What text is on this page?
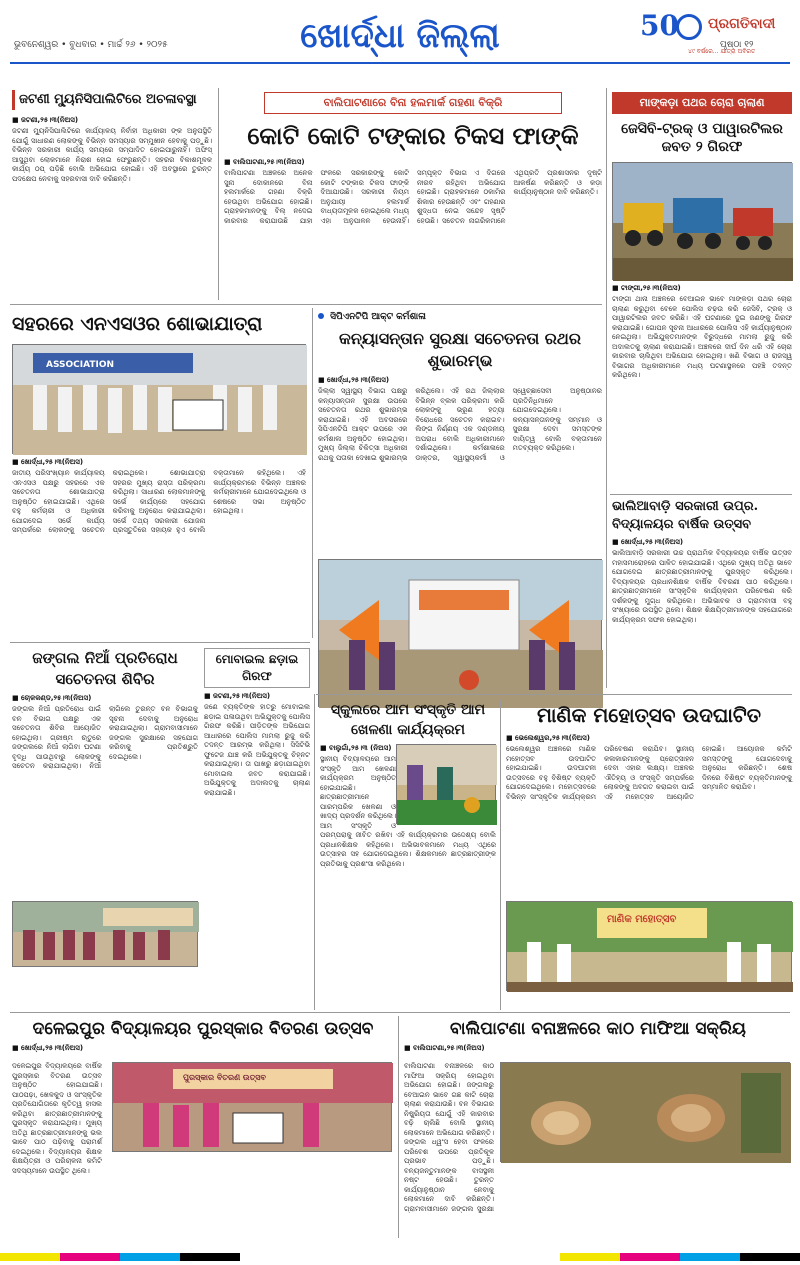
ଭୁବନେଶ୍ୱର • ବୁଧବାର • ମାର୍ଚ୍ଚ ୨୬ • ୨୦୨୫	ଖୋର୍ଦ୍ଧା ଜିଲ୍ଲା	50 ପ୍ରଗତିବାଦୀ
୪୯ ବର୍ଷରେ... ଯାତ୍ରା ଅବିରତ
ପୃଷ୍ଠା ୧୨
ଜଟଣୀ ମ୍ୟୁନିସିପାଲିଟିରେ ଅଚଳାବସ୍ଥା
■ ଜଟଣୀ,୨୫।୩(ନିଅସ)
ଜଟଣୀ ମ୍ୟୁନିସିପାଲିଟିରେ କାର୍ଯ୍ୟାଳୟ ନିର୍ବାହୀ ଅଧିକାରୀ ଙ୍କ ଅନୁପସ୍ଥିତି ଯୋଗୁଁ ସାଧାରଣ ଲୋକଙ୍କୁ ବିଭିନ୍ନ ସମସ୍ୟାର ସମ୍ମୁଖୀନ ହେବାକୁ ପଡ଼ୁଛି। ବିଭିନ୍ନ ସରକାରୀ କାର୍ଯ୍ୟ ସମୟରେ ସମ୍ପାଦିତ ହୋଇପାରୁନାହିଁ। ଅଫିସ୍ ଆସୁଥିବା ଲୋକମାନେ ନିରାଶ ହୋଇ ଫେରୁଛନ୍ତି। ସହରର ବିକାଶମୂଳକ କାର୍ଯ୍ୟ ଠପ୍ ପଡ଼ିଛି ବୋଲି ଅଭିଯୋଗ ହୋଇଛି। ଏହି ଅବସ୍ଥାରେ ତୁରନ୍ତ ପଦକ୍ଷେପ ନେବାକୁ ସହରବାସୀ ଦାବି କରିଛନ୍ତି।
ବାଲିପାଟଣାରେ ବିନା ହଲମାର୍କ ଗହଣା ବିକ୍ରି
କୋଟି କୋଟି ଟଙ୍କାର ଟିକସ ଫାଙ୍କି
■ ବାଲିପାଟଣା,୨୫।୩(ନିଅସ)
ବାଲିପାଟଣା ଅଞ୍ଚଳରେ ଅନେକ ସୁନା ଦୋକାନରେ ବିନା ହଲମାର୍କରେ ଗହଣା ବିକ୍ରି ହେଉଥିବା ଅଭିଯୋଗ ହୋଇଛି। ଗ୍ରାହକମାନଙ୍କୁ ବିଲ୍ ନଦେଇ କାରବାର କରାଯାଉଛି ଯାହା ଫଳରେ ସରକାରଙ୍କୁ କୋଟି କୋଟି ଟଙ୍କାର ଟିକସ ଫାଙ୍କି ଦିଆଯାଉଛି। ସରକାରୀ ନିୟମ ଅନୁଯାୟୀ ହଲମାର୍କ ବାଧ୍ୟତାମୂଳକ ହୋଇଥିଲେ ମଧ୍ୟ ଏହା ଅନୁପାଳନ ହେଉନାହିଁ। ସମ୍ପୃକ୍ତ ବିଭାଗ ଏ ଦିଗରେ ନୀରବ ରହିଥିବା ଅଭିଯୋଗ ହୋଇଛି। ଗ୍ରାହକମାନେ ଠକାମିର ଶିକାର ହେଉଛନ୍ତି ଏବଂ ଗହଣାର ଶୁଦ୍ଧତା ନେଇ ସନ୍ଦେହ ସୃଷ୍ଟି ହେଉଛି। ସଚେତନ ନାଗରିକମାନେ ଏଥିପ୍ରତି ପ୍ରଶାସନର ଦୃଷ୍ଟି ଆକର୍ଷଣ କରିଛନ୍ତି ଓ କଡ଼ା କାର୍ଯ୍ୟାନୁଷ୍ଠାନ ଦାବି କରିଛନ୍ତି।
ମାଙ୍କଡ଼ା ପଥର ଚୋରା ଚାଲାଣ
ଜେସିବି-ଟ୍ରକ୍ ଓ ପାୱାରଟିଲର ଜବତ ୨ ଗିରଫ
■ ଟାଙ୍ଗୀ,୨୫।୩(ନିଅସ)
ଟାଙ୍ଗୀ ଥାନା ଅଞ୍ଚଳରେ ବେଆଇନ ଭାବେ ମାଙ୍କଡ଼ା ପଥର ଚୋରା ଚାଲାଣ କରୁଥିବା ବେଳେ ପୋଲିସ ଚଢ଼ଉ କରି ଜେସିବି, ଟ୍ରକ୍ ଓ ପାୱାରଟିଲର ଜବତ କରିଛି। ଏହି ଘଟଣାରେ ଦୁଇ ଜଣଙ୍କୁ ଗିରଫ କରାଯାଇଛି। ଗୋପନ ସୂଚନା ଆଧାରରେ ପୋଲିସ ଏହି କାର୍ଯ୍ୟାନୁଷ୍ଠାନ ନେଇଥିଲା। ଅଭିଯୁକ୍ତମାନଙ୍କ ବିରୁଦ୍ଧରେ ମାମଲା ରୁଜୁ କରି ଅଦାଲତକୁ ଚାଲାଣ କରାଯାଇଛି। ଅଞ୍ଚଳରେ ଦୀର୍ଘ ଦିନ ଧରି ଏହି ଚୋରା କାରବାର ଚାଲିଥିବା ଅଭିଯୋଗ ହୋଇଥିଲା। ଖଣି ବିଭାଗ ଓ ରାଜସ୍ୱ ବିଭାଗର ଅଧିକାରୀମାନେ ମଧ୍ୟ ଘଟଣାସ୍ଥଳରେ ପହଞ୍ଚି ତଦନ୍ତ କରିଥିଲେ।
ସହରରେ ଏନଏସଓର ଶୋଭାଯାତ୍ରା
ASSOCIATION
■ ଖୋର୍ଦ୍ଧା,୨୫।୩(ନିଅସ)
ଜାତୀୟ ପରିସଂଖ୍ୟାନ କାର୍ଯ୍ୟାଳୟ ଏନଏସଓ ପକ୍ଷରୁ ସହରରେ ଏକ ସଚେତନତା ଶୋଭାଯାତ୍ରା ଅନୁଷ୍ଠିତ ହୋଇଯାଇଛି। ଏଥିରେ ବହୁ କର୍ମଚାରୀ ଓ ଅଧିକାରୀ ଯୋଗଦେଇ ସର୍ଭେ କାର୍ଯ୍ୟ ସମ୍ପର୍କରେ ଲୋକଙ୍କୁ ସଚେତନ କରାଇଥିଲେ। ଶୋଭାଯାତ୍ରା ସହରର ମୁଖ୍ୟ ରାସ୍ତା ପରିକ୍ରମା କରିଥିଲା। ସାଧାରଣ ଲୋକମାନଙ୍କୁ ସର୍ଭେ କାର୍ଯ୍ୟରେ ସହଯୋଗ କରିବାକୁ ଅନୁରୋଧ କରାଯାଇଥିଲା। ସର୍ଭେ ତଥ୍ୟ ସରକାରୀ ଯୋଜନା ପ୍ରସ୍ତୁତିରେ ସହାୟକ ହୁଏ ବୋଲି ବକ୍ତାମାନେ କହିଥିଲେ। ଏହି କାର୍ଯ୍ୟକ୍ରମରେ ବିଭିନ୍ନ ଅଞ୍ଚଳର କର୍ମଚାରୀମାନେ ଯୋଗଦେଇଥିଲେ ଓ ଶେଷରେ ସଭା ଅନୁଷ୍ଠିତ ହୋଇଥିଲା।
ସିପିଏନଟିପି ଆକ୍ଟ କର୍ମଶାଳା
କନ୍ୟାସନ୍ତାନ ସୁରକ୍ଷା ସଚେତନତା ରଥର ଶୁଭାରମ୍ଭ
■ ଖୋର୍ଦ୍ଧା,୨୫।୩(ନିଅସ)
ଜିଲ୍ଲା ସ୍ୱାସ୍ଥ୍ୟ ବିଭାଗ ପକ୍ଷରୁ କନ୍ୟାସନ୍ତାନ ସୁରକ୍ଷା ଉପରେ ସଚେତନତା ରଥର ଶୁଭାରମ୍ଭ କରାଯାଇଛି। ଏହି ଅବସରରେ ସିପିଏନଟିପି ଆକ୍ଟ ଉପରେ ଏକ କର୍ମଶାଳା ଅନୁଷ୍ଠିତ ହୋଇଥିଲା। ମୁଖ୍ୟ ଜିଲ୍ଲା ଚିକିତ୍ସା ଅଧିକାରୀ ରଥକୁ ପତାକା ଦେଖାଇ ଶୁଭାରମ୍ଭ କରିଥିଲେ। ଏହି ରଥ ଜିଲ୍ଲାର ବିଭିନ୍ନ ବ୍ଲକ ପରିକ୍ରମା କରି ଲୋକଙ୍କୁ ଭ୍ରୂଣ ହତ୍ୟା ବିରୋଧରେ ସଚେତନ କରାଇବ। ଲିଙ୍ଗ ନିର୍ଣ୍ଣୟ ଏକ ଦଣ୍ଡନୀୟ ଅପରାଧ ବୋଲି ଅଧିକାରୀମାନେ ଦର୍ଶାଇଥିଲେ। କର୍ମଶାଳାରେ ଡାକ୍ତର, ସ୍ୱାସ୍ଥ୍ୟକର୍ମୀ ଓ ସ୍ୱେଚ୍ଛାସେବୀ ଅନୁଷ୍ଠାନର ପ୍ରତିନିଧିମାନେ ଯୋଗଦେଇଥିଲେ। କନ୍ୟାସନ୍ତାନଙ୍କୁ ସମ୍ମାନ ଓ ସୁରକ୍ଷା ଦେବା ସମସ୍ତଙ୍କ ଦାୟିତ୍ୱ ବୋଲି ବକ୍ତାମାନେ ମତବ୍ୟକ୍ତ କରିଥିଲେ।
ଭାଲିଆବାଡ଼ି ସରକାରୀ ଉପ୍ର. ବିଦ୍ୟାଳୟର ବାର୍ଷିକ ଉତ୍ସବ
■ ଖୋର୍ଦ୍ଧା,୨୫।୩(ନିଅସ)
ଭାଲିଆବାଡ଼ି ସରକାରୀ ଉଚ୍ଚ ପ୍ରାଥମିକ ବିଦ୍ୟାଳୟର ବାର୍ଷିକ ଉତ୍ସବ ମହାସମାରୋହରେ ପାଳିତ ହୋଇଯାଇଛି। ଏଥିରେ ମୁଖ୍ୟ ଅତିଥି ଭାବେ ଯୋଗଦେଇ ଛାତ୍ରଛାତ୍ରୀମାନଙ୍କୁ ପୁରସ୍କୃତ କରିଥିଲେ। ବିଦ୍ୟାଳୟର ପ୍ରଧାନଶିକ୍ଷକ ବାର୍ଷିକ ବିବରଣୀ ପାଠ କରିଥିଲେ। ଛାତ୍ରଛାତ୍ରୀମାନେ ସାଂସ୍କୃତିକ କାର୍ଯ୍ୟକ୍ରମ ପରିବେଷଣ କରି ଦର୍ଶକଙ୍କୁ ମୁଗ୍ଧ କରିଥିଲେ। ଅଭିଭାବକ ଓ ଗ୍ରାମବାସୀ ବହୁ ସଂଖ୍ୟାରେ ଉପସ୍ଥିତ ଥିଲେ। ଶିକ୍ଷକ ଶିକ୍ଷୟିତ୍ରୀମାନଙ୍କ ସହଯୋଗରେ କାର୍ଯ୍ୟକ୍ରମ ସଫଳ ହୋଇଥିଲା।
ଜଙ୍ଗଲ ନିଆଁ ପ୍ରତିରୋଧ ସଚେତନତା ଶିବିର
■ ଚୋଳକଣ୍ଡ,୨୫।୩(ନିଅସ)
ଜଙ୍ଗଲ ନିଆଁ ପ୍ରତିରୋଧ ପାଇଁ ବନ ବିଭାଗ ପକ୍ଷରୁ ଏକ ସଚେତନତା ଶିବିର ଆୟୋଜିତ ହୋଇଥିଲା। ଗ୍ରୀଷ୍ମ ଋତୁରେ ଜଙ୍ଗଲରେ ନିଆଁ ଲାଗିବା ଘଟଣା ବୃଦ୍ଧି ପାଉଥିବାରୁ ଲୋକଙ୍କୁ ସଚେତନ କରାଯାଇଥିଲା। ନିଆଁ ଲାଗିଲେ ତୁରନ୍ତ ବନ ବିଭାଗକୁ ସୂଚନା ଦେବାକୁ ଅନୁରୋଧ କରାଯାଇଥିଲା। ଗ୍ରାମବାସୀମାନେ ଜଙ୍ଗଲ ସୁରକ୍ଷାରେ ସହଯୋଗ କରିବାକୁ ପ୍ରତିଶ୍ରୁତି ଦେଇଥିଲେ।
ମୋବାଇଲ ଛଡ଼ାଇ ଗିରଫ
■ ଜଟଣୀ,୨୫।୩(ନିଅସ)
ଜଣେ ବ୍ୟକ୍ତିଙ୍କ ହାତରୁ ମୋବାଇଲ ଛଡ଼ାଇ ପଳାଉଥିବା ଅଭିଯୁକ୍ତକୁ ପୋଲିସ ଗିରଫ କରିଛି। ପୀଡ଼ିତଙ୍କ ଅଭିଯୋଗ ଆଧାରରେ ପୋଲିସ ମାମଲା ରୁଜୁ କରି ତଦନ୍ତ ଆରମ୍ଭ କରିଥିଲା। ସିସିଟିଭି ଫୁଟେଜ ଯାଞ୍ଚ କରି ଅଭିଯୁକ୍ତକୁ ଚିହ୍ନଟ କରାଯାଇଥିଲା। ତା ପାଖରୁ ଛଡ଼ାଯାଇଥିବା ମୋବାଇଲ ଜବତ କରାଯାଇଛି। ଅଭିଯୁକ୍ତକୁ ଅଦାଲତକୁ ଚାଲାଣ କରାଯାଇଛି।
ସ୍କୁଲରେ ଆମ ସଂସ୍କୃତି ଆମ ଖେଳଣା କାର୍ଯ୍ୟକ୍ରମ
■ ବାଲୁଗାଁ,୨୫।୩ (ନିଅସ)
ସ୍ଥାନୀୟ ବିଦ୍ୟାଳୟରେ ଆମ ସଂସ୍କୃତି ଆମ ଖେଳଣା କାର୍ଯ୍ୟକ୍ରମ ଅନୁଷ୍ଠିତ ହୋଇଯାଇଛି। ଛାତ୍ରଛାତ୍ରୀମାନେ ପାରମ୍ପରିକ ଖେଳଣା ଓ ଖାଦ୍ୟ ପ୍ରଦର୍ଶନ କରିଥିଲେ। ଆମ ସଂସ୍କୃତି ଓ ପରମ୍ପରାକୁ ଜୀବିତ ରଖିବା ଏହି କାର୍ଯ୍ୟକ୍ରମର ଉଦ୍ଦେଶ୍ୟ ବୋଲି ପ୍ରଧାନଶିକ୍ଷକ କହିଥିଲେ। ଅଭିଭାବକମାନେ ମଧ୍ୟ ଏଥିରେ ଉତ୍ସାହର ସହ ଯୋଗଦେଇଥିଲେ। ଶିକ୍ଷକମାନେ ଛାତ୍ରଛାତ୍ରୀଙ୍କ ପ୍ରତିଭାକୁ ପ୍ରଶଂସା କରିଥିଲେ।
ମାଣିକ ମହୋତ୍ସବ ଉଦଘାଟିତ
■ ଭେଲେଶ୍ୱର,୨୫।୩(ନିଅସ)
ଭେଲେଶ୍ୱର ଅଞ୍ଚଳରେ ମାଣିକ ମହୋତ୍ସବ ଉଦଘାଟିତ ହୋଇଯାଇଛି। ଉଦଘାଟନୀ ଉତ୍ସବରେ ବହୁ ବିଶିଷ୍ଟ ବ୍ୟକ୍ତି ଯୋଗଦେଇଥିଲେ। ମହୋତ୍ସବରେ ବିଭିନ୍ନ ସାଂସ୍କୃତିକ କାର୍ଯ୍ୟକ୍ରମ ପରିବେଷଣ କରାଯିବ। ସ୍ଥାନୀୟ କଳାକାରମାନଙ୍କୁ ପ୍ରୋତ୍ସାହନ ଦେବା ଏହାର ଲକ୍ଷ୍ୟ। ଅଞ୍ଚଳର ଐତିହ୍ୟ ଓ ସଂସ୍କୃତି ସମ୍ପର୍କରେ ଲୋକଙ୍କୁ ଅବଗତ କରାଇବା ପାଇଁ ଏହି ମହୋତ୍ସବ ଆୟୋଜିତ ହୋଇଛି। ଆୟୋଜକ କମିଟି ସମସ୍ତଙ୍କୁ ଯୋଗଦେବାକୁ ଅନୁରୋଧ କରିଛନ୍ତି। ଶେଷ ଦିନରେ ବିଶିଷ୍ଟ ବ୍ୟକ୍ତିମାନଙ୍କୁ ସମ୍ମାନିତ କରାଯିବ।
ମାଣିକ ମହୋତ୍ସବ
ଦଳେଇପୁର ବିଦ୍ୟାଳୟର ପୁରସ୍କାର ବିତରଣ ଉତ୍ସବ
■ ଖୋର୍ଦ୍ଧା,୨୫।୩(ନିଅସ)
ଦଳେଇପୁର ବିଦ୍ୟାଳୟରେ ବାର୍ଷିକ ପୁରସ୍କାର ବିତରଣ ଉତ୍ସବ ଅନୁଷ୍ଠିତ ହୋଇଯାଇଛି। ପାଠପଢ଼ା, ଖେଳକୁଦ ଓ ସାଂସ୍କୃତିକ ପ୍ରତିଯୋଗିତାରେ କୃତିତ୍ୱ ହାସଲ କରିଥିବା ଛାତ୍ରଛାତ୍ରୀମାନଙ୍କୁ ପୁରସ୍କୃତ କରାଯାଇଥିଲା। ମୁଖ୍ୟ ଅତିଥି ଛାତ୍ରଛାତ୍ରୀମାନଙ୍କୁ ଭଲ ଭାବେ ପାଠ ପଢ଼ିବାକୁ ପରାମର୍ଶ ଦେଇଥିଲେ। ବିଦ୍ୟାଳୟର ଶିକ୍ଷକ ଶିକ୍ଷୟିତ୍ରୀ ଓ ପରିଚାଳନା କମିଟି ସଦସ୍ୟମାନେ ଉପସ୍ଥିତ ଥିଲେ।
ପୁରସ୍କାର ବିତରଣ ଉତ୍ସବ
ବାଲିପାଟଣା ବନାଞ୍ଚଳରେ କାଠ ମାଫିଆ ସକ୍ରିୟ
■ ବାଲିପାଟଣା,୨୫।୩(ନିଅସ)
ବାଲିପାଟଣା ବନାଞ୍ଚଳରେ କାଠ ମାଫିଆ ସକ୍ରିୟ ହୋଇଥିବା ଅଭିଯୋଗ ହୋଇଛି। ଜଙ୍ଗଲରୁ ବେଆଇନ ଭାବେ ଗଛ କାଟି ଚୋରା ଚାଲାଣ କରାଯାଉଛି। ବନ ବିଭାଗର ନିଷ୍କ୍ରିୟତା ଯୋଗୁଁ ଏହି କାରବାର ବଢ଼ି ଚାଲିଛି ବୋଲି ସ୍ଥାନୀୟ ଲୋକମାନେ ଅଭିଯୋଗ କରିଛନ୍ତି। ଜଙ୍ଗଲ ଧ୍ୱଂସ ହେବା ଫଳରେ ପରିବେଶ ଉପରେ ପ୍ରତିକୂଳ ପ୍ରଭାବ ପଡ଼ୁଛି। ବନ୍ୟଜନ୍ତୁମାନଙ୍କ ବାସସ୍ଥଳୀ ନଷ୍ଟ ହେଉଛି। ତୁରନ୍ତ କାର୍ଯ୍ୟାନୁଷ୍ଠାନ ନେବାକୁ ଲୋକମାନେ ଦାବି କରିଛନ୍ତି। ଗ୍ରାମବାସୀମାନେ ଜଙ୍ଗଲ ସୁରକ୍ଷା
